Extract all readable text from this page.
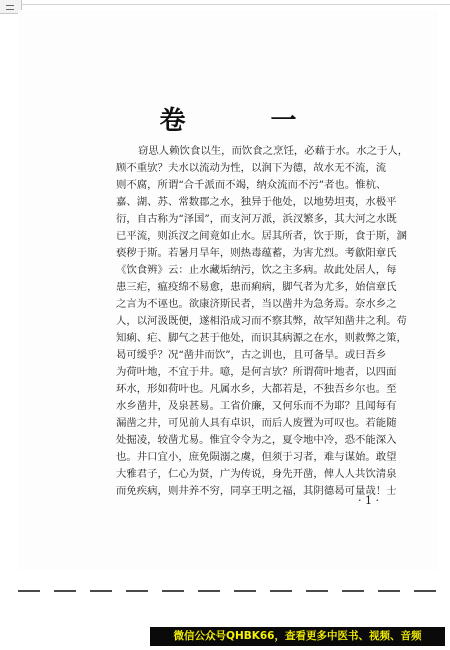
卷 一
窃思人赖饮食以生，而饮食之烹饪，必藉于水。水之于人，
顾不重欤？夫水以流动为性，以润下为德，故水无不流，流
则不腐，所谓“合千派而不竭，纳众流而不污”者也。惟杭、
嘉、湖、苏、常数郡之水，独异于他处，以地势坦夷，水极平
衍，自古称为“泽国”，而支河万派，浜汊繁多，其大河之水既
已平流，则浜汊之间竟如止水。居其所者，饮于斯，食于斯，溷
亵秽于斯。若暑月旱年，则热毒蕴蓄，为害尤烈。考歙阳章氏
《饮食辨》云：止水藏垢纳污，饮之主多病。故此处居人，每
患三疟，瘟疫绵不易愈，患而痢病，脚气者为尤多，始信章氏
之言为不诬也。欲康济斯民者，当以凿井为急务焉。奈水乡之
人，以河汲既便，遂相沿成习而不察其弊，故罕知凿井之利。苟
知痢、疟、脚气之甚于他处，而识其病源之在水，则救弊之策，
曷可缓乎？况“凿井而饮”，古之训也，且可备旱。或曰吾乡
为荷叶地，不宜于井。噫，是何言欤？所谓荷叶地者，以四面
环水，形如荷叶也。凡属水乡，大都若是，不独吾乡尔也。至
水乡凿井，及泉甚易。工省价廉，又何乐而不为耶？且闻每有
漏凿之井，可见前人具有卓识，而后人废置为可叹也。若能随
处掘凌，较凿尤易。惟宜令令为之，夏令地中冷，恐不能深入
也。井口宜小，庶免陨溺之虞，但须于习者，难与谋始。敢望
大雅君子，仁心为贤，广为传说，身先开凿，俾人人共饮清泉
而免疾病，则井养不穷，同享王明之福，其阴德曷可量哉！士
· 1 ·
微信公众号QHBK66，查看更多中医书、视频、音频
